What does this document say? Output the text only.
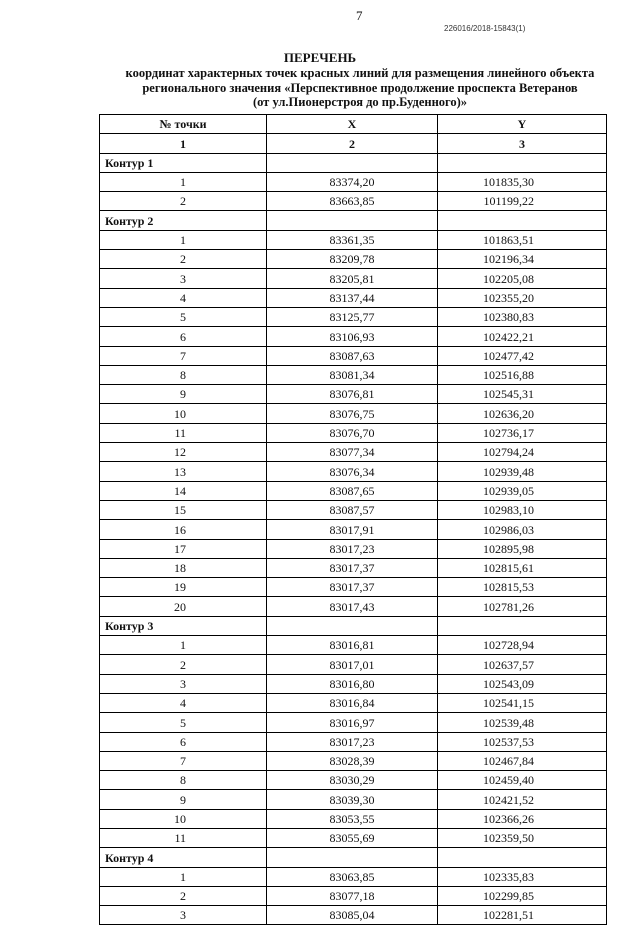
7
226016/2018-15843(1)
ПЕРЕЧЕНЬ
координат характерных точек красных линий для размещения линейного объекта
регионального значения «Перспективное продолжение проспекта Ветеранов
(от ул.Пионерстроя до пр.Буденного)»
№ точки	X	Y
1	2	3
Контур 1		
1	83374,20	101835,30
2	83663,85	101199,22
Контур 2		
1	83361,35	101863,51
2	83209,78	102196,34
3	83205,81	102205,08
4	83137,44	102355,20
5	83125,77	102380,83
6	83106,93	102422,21
7	83087,63	102477,42
8	83081,34	102516,88
9	83076,81	102545,31
10	83076,75	102636,20
11	83076,70	102736,17
12	83077,34	102794,24
13	83076,34	102939,48
14	83087,65	102939,05
15	83087,57	102983,10
16	83017,91	102986,03
17	83017,23	102895,98
18	83017,37	102815,61
19	83017,37	102815,53
20	83017,43	102781,26
Контур 3		
1	83016,81	102728,94
2	83017,01	102637,57
3	83016,80	102543,09
4	83016,84	102541,15
5	83016,97	102539,48
6	83017,23	102537,53
7	83028,39	102467,84
8	83030,29	102459,40
9	83039,30	102421,52
10	83053,55	102366,26
11	83055,69	102359,50
Контур 4		
1	83063,85	102335,83
2	83077,18	102299,85
3	83085,04	102281,51
